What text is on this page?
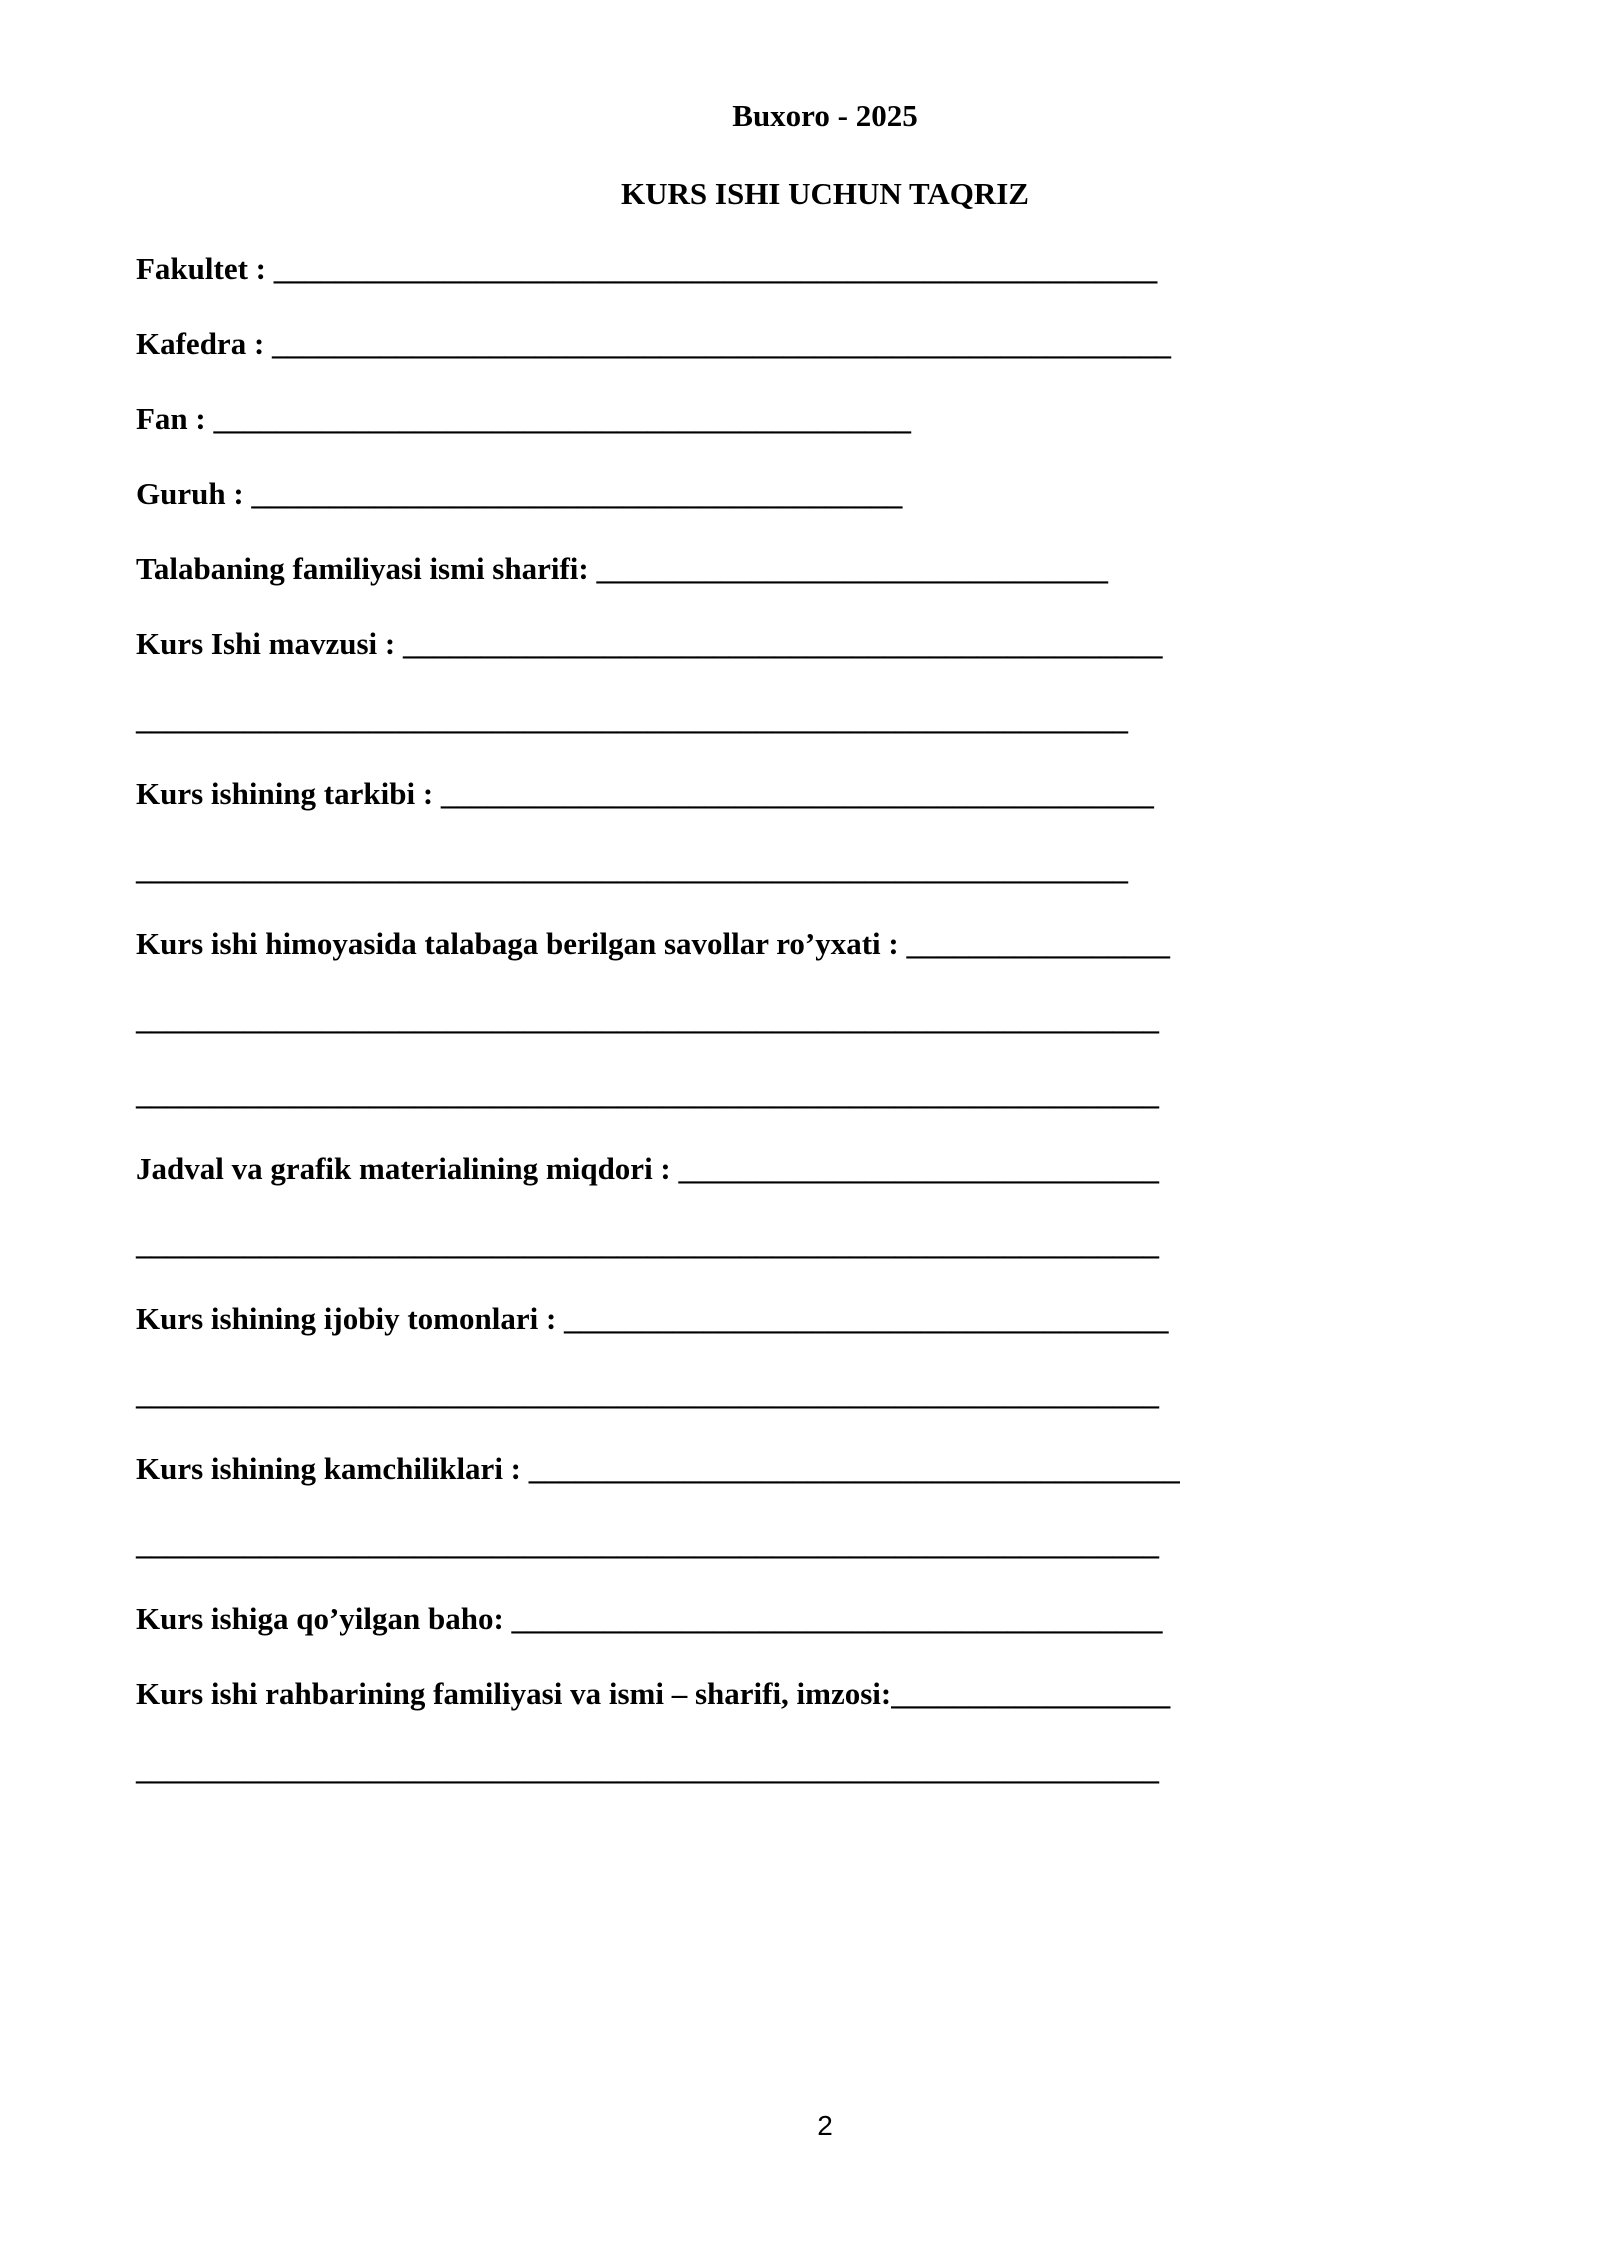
Buxoro - 2025
KURS ISHI UCHUN TAQRIZ
Fakultet : _________________________________________________________
Kafedra : __________________________________________________________
Fan : _____________________________________________
Guruh : __________________________________________
Talabaning familiyasi ismi sharifi: _________________________________
Kurs Ishi mavzusi : _________________________________________________
________________________________________________________________
Kurs ishining tarkibi : ______________________________________________
________________________________________________________________
Kurs ishi himoyasida talabaga berilgan savollar ro’yxati : _________________
__________________________________________________________________
__________________________________________________________________
Jadval va grafik materialining miqdori : _______________________________
__________________________________________________________________
Kurs ishining ijobiy tomonlari : _______________________________________
__________________________________________________________________
Kurs ishining kamchiliklari : __________________________________________
__________________________________________________________________
Kurs ishiga qo’yilgan baho: __________________________________________
Kurs ishi rahbarining familiyasi va ismi – sharifi, imzosi:__________________
__________________________________________________________________
2
